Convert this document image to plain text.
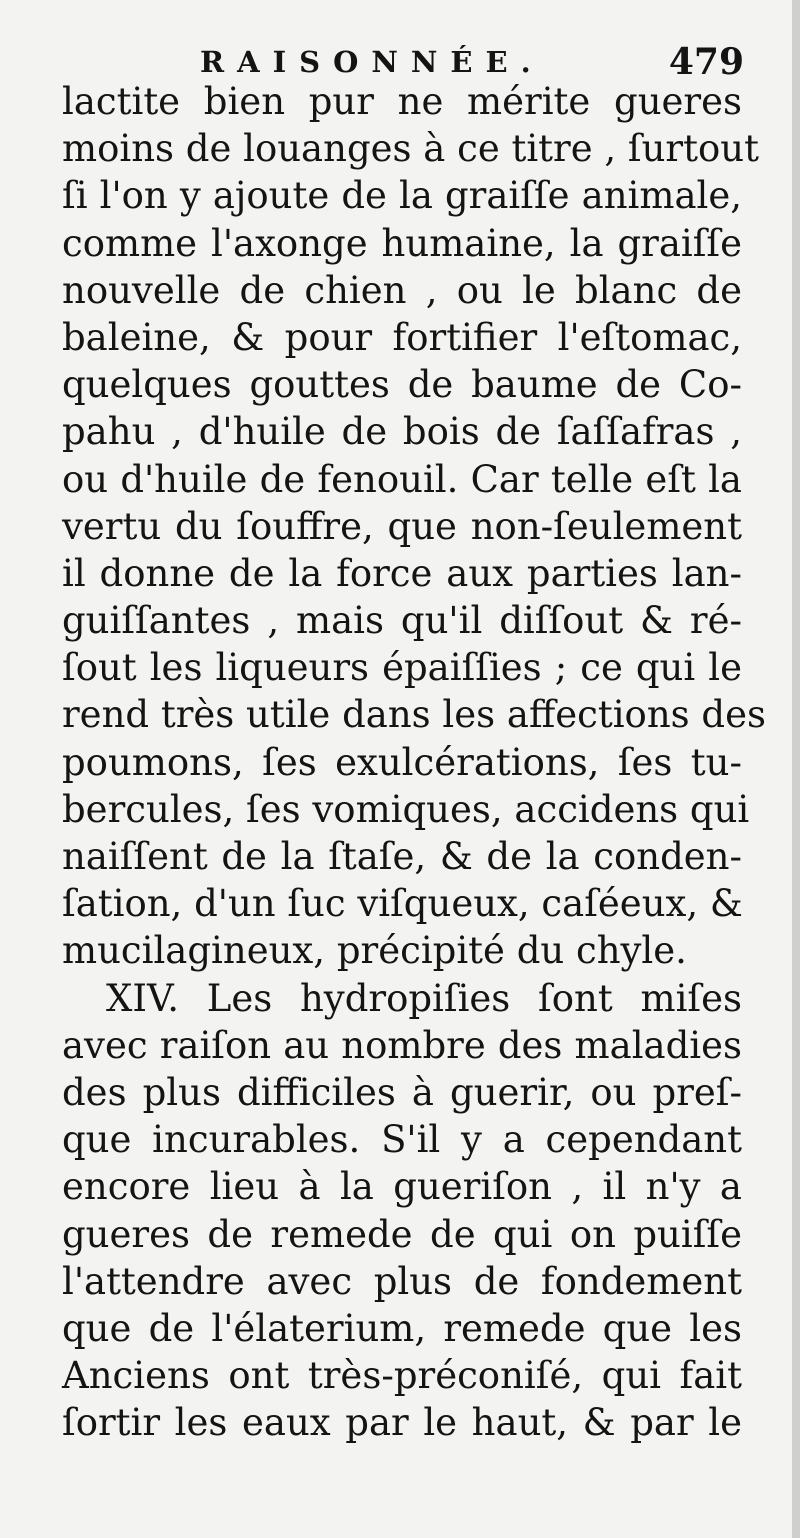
RAISONNÉE.	479
lactite bien pur ne mérite gueres
moins de louanges à ce titre , ſurtout
ſi l'on y ajoute de la graiſſe animale,
comme l'axonge humaine, la graiſſe
nouvelle de chien , ou le blanc de
baleine, & pour fortifier l'eſtomac,
quelques gouttes de baume de Co-
pahu , d'huile de bois de ſaſſafras ,
ou d'huile de fenouil. Car telle eſt la
vertu du ſouffre, que non-ſeulement
il donne de la force aux parties lan-
guiſſantes , mais qu'il diſſout & ré-
ſout les liqueurs épaiſſies ; ce qui le
rend très utile dans les affections des
poumons, ſes exulcérations, ſes tu-
bercules, ſes vomiques, accidens qui
naiſſent de la ſtaſe, & de la conden-
ſation, d'un ſuc viſqueux, caſéeux, &
mucilagineux, précipité du chyle.
XIV. Les hydropiſies ſont miſes
avec raiſon au nombre des maladies
des plus difficiles à guerir, ou preſ-
que incurables. S'il y a cependant
encore lieu à la gueriſon , il n'y a
gueres de remede de qui on puiſſe
l'attendre avec plus de fondement
que de l'élaterium, remede que les
Anciens ont très-préconiſé, qui fait
ſortir les eaux par le haut, & par le
